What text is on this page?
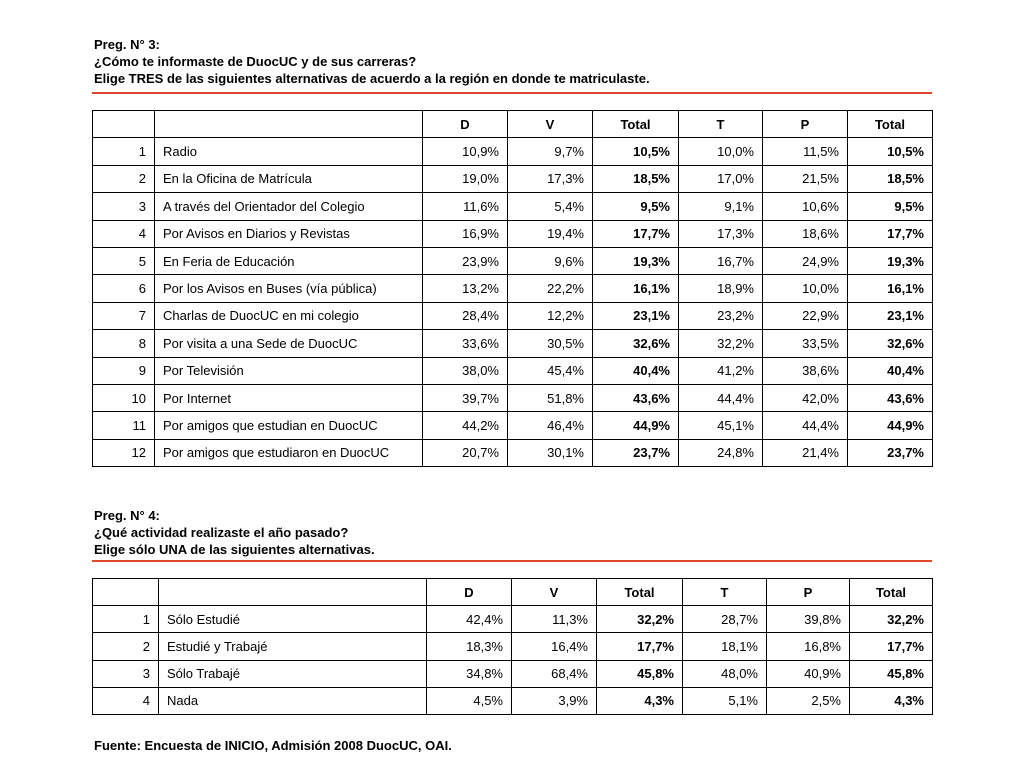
Preg. N° 3:
¿Cómo te informaste de DuocUC y de sus carreras?
Elige TRES de las siguientes alternativas de acuerdo a la región en donde te matriculaste.
		D	V	Total	T	P	Total
1	Radio	10,9%	9,7%	10,5%	10,0%	11,5%	10,5%
2	En la Oficina de Matrícula	19,0%	17,3%	18,5%	17,0%	21,5%	18,5%
3	A través del Orientador del Colegio	11,6%	5,4%	9,5%	9,1%	10,6%	9,5%
4	Por Avisos en Diarios y Revistas	16,9%	19,4%	17,7%	17,3%	18,6%	17,7%
5	En Feria de Educación	23,9%	9,6%	19,3%	16,7%	24,9%	19,3%
6	Por los Avisos en Buses (vía pública)	13,2%	22,2%	16,1%	18,9%	10,0%	16,1%
7	Charlas de DuocUC en mi colegio	28,4%	12,2%	23,1%	23,2%	22,9%	23,1%
8	Por visita a una Sede de DuocUC	33,6%	30,5%	32,6%	32,2%	33,5%	32,6%
9	Por Televisión	38,0%	45,4%	40,4%	41,2%	38,6%	40,4%
10	Por Internet	39,7%	51,8%	43,6%	44,4%	42,0%	43,6%
11	Por amigos que estudian en DuocUC	44,2%	46,4%	44,9%	45,1%	44,4%	44,9%
12	Por amigos que estudiaron en DuocUC	20,7%	30,1%	23,7%	24,8%	21,4%	23,7%
Preg. N° 4:
¿Qué actividad realizaste el año pasado?
Elige sólo UNA de las siguientes alternativas.
		D	V	Total	T	P	Total
1	Sólo Estudié	42,4%	11,3%	32,2%	28,7%	39,8%	32,2%
2	Estudié y Trabajé	18,3%	16,4%	17,7%	18,1%	16,8%	17,7%
3	Sólo Trabajé	34,8%	68,4%	45,8%	48,0%	40,9%	45,8%
4	Nada	4,5%	3,9%	4,3%	5,1%	2,5%	4,3%
Fuente: Encuesta de INICIO, Admisión 2008 DuocUC, OAI.
